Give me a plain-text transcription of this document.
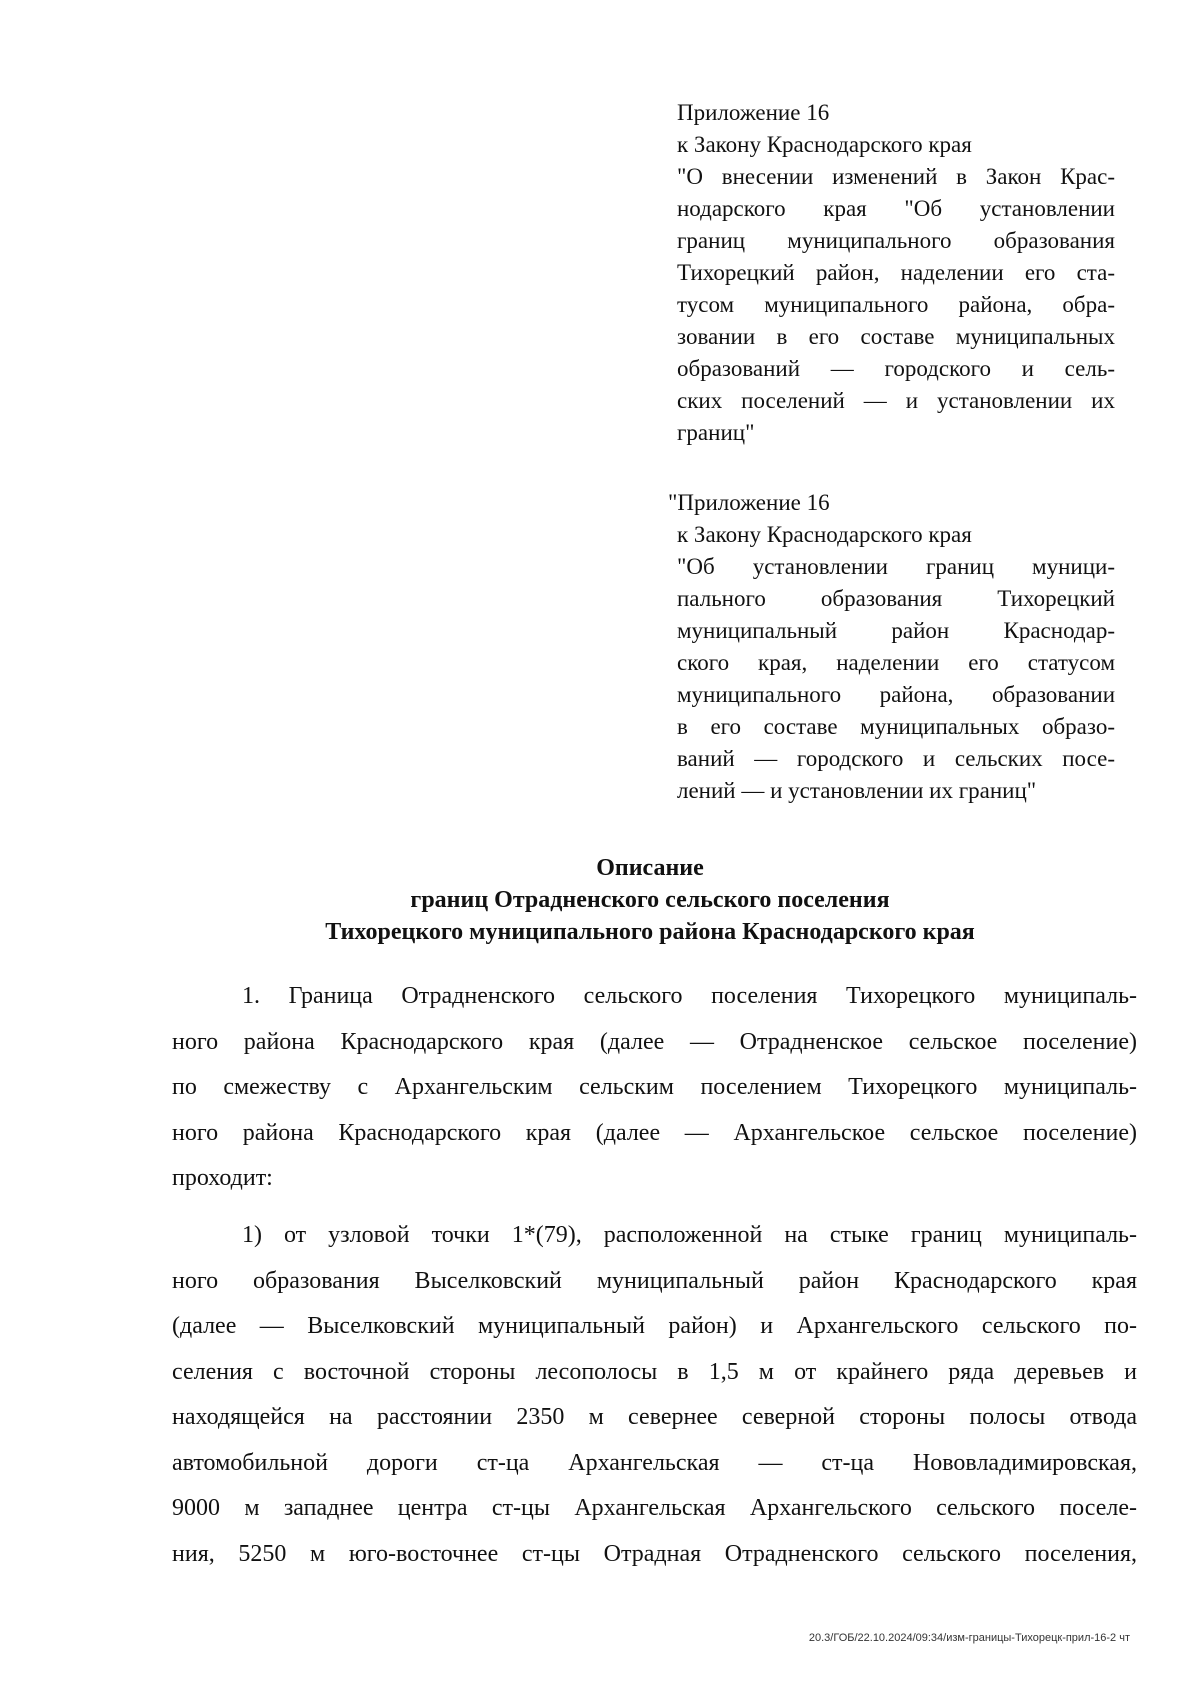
Приложение 16
к Закону Краснодарского края
"О внесении изменений в Закон Крас-
нодарского края "Об установлении
границ муниципального образования
Тихорецкий район, наделении его ста-
тусом муниципального района, обра-
зовании в его составе муниципальных
образований — городского и сель-
ских поселений — и установлении их
границ"
"Приложение 16
к Закону Краснодарского края
"Об установлении границ муници-
пального образования Тихорецкий
муниципальный район Краснодар-
ского края, наделении его статусом
муниципального района, образовании
в его составе муниципальных образо-
ваний — городского и сельских посе-
лений — и установлении их границ"
Описание
границ Отрадненского сельского поселения
Тихорецкого муниципального района Краснодарского края
1. Граница Отрадненского сельского поселения Тихорецкого муниципаль-
ного района Краснодарского края (далее — Отрадненское сельское поселение)
по смежеству с Архангельским сельским поселением Тихорецкого муниципаль-
ного района Краснодарского края (далее — Архангельское сельское поселение)
проходит:
1) от узловой точки 1*(79), расположенной на стыке границ муниципаль-
ного образования Выселковский муниципальный район Краснодарского края
(далее — Выселковский муниципальный район) и Архангельского сельского по-
селения с восточной стороны лесополосы в 1,5 м от крайнего ряда деревьев и
находящейся на расстоянии 2350 м севернее северной стороны полосы отвода
автомобильной дороги ст-ца Архангельская — ст-ца Нововладимировская,
9000 м западнее центра ст-цы Архангельская Архангельского сельского поселе-
ния, 5250 м юго-восточнее ст-цы Отрадная Отрадненского сельского поселения,
20.3/ГОБ/22.10.2024/09:34/изм-границы-Тихорецк-прил-16-2 чт
